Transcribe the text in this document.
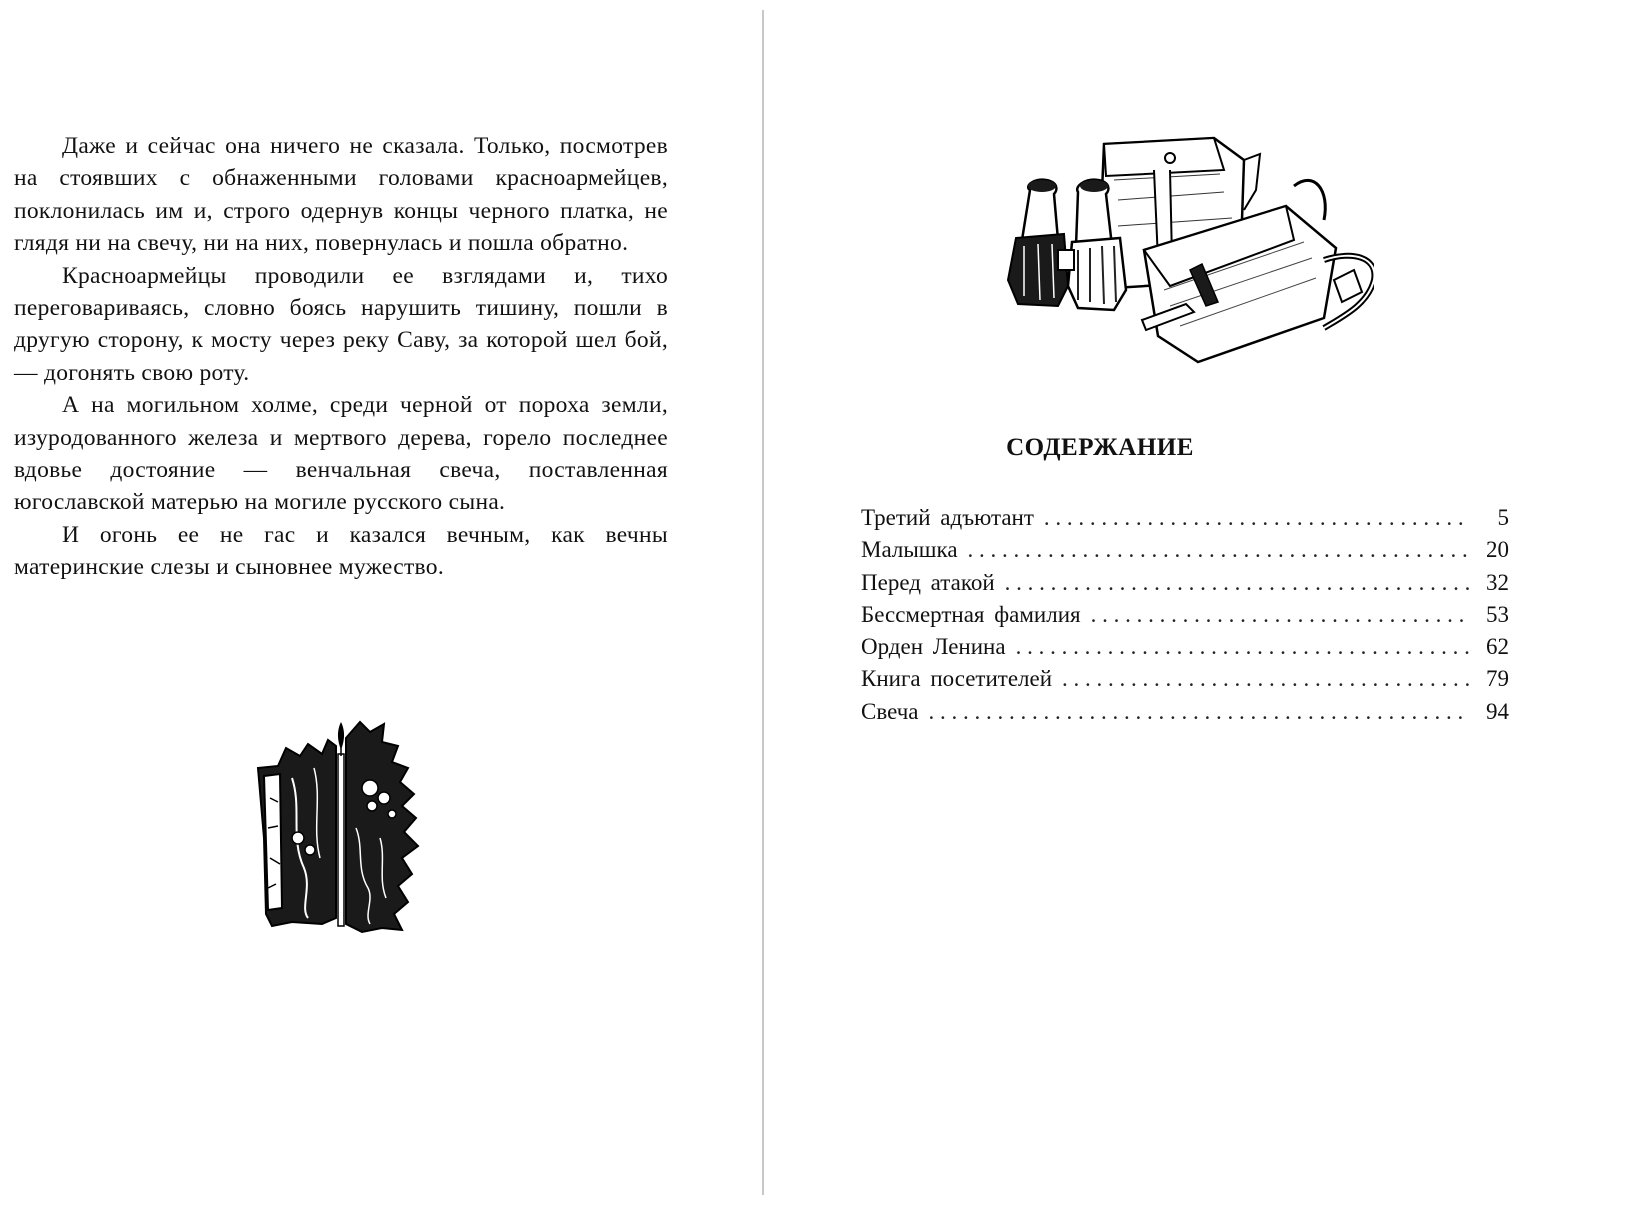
Даже и сейчас она ничего не сказала. Только, посмотрев на стоявших с обнаженными головами красноармейцев, поклонилась им и, строго одернув концы черного платка, не глядя ни на свечу, ни на них, повернулась и пошла обратно.

Красноармейцы проводили ее взглядами и, тихо переговариваясь, словно боясь нарушить тишину, пошли в другую сторону, к мосту через реку Саву, за которой шел бой, — догонять свою роту.

А на могильном холме, среди черной от пороха земли, изуродованного железа и мертвого дерева, горело последнее вдовье достояние — венчальная свеча, поставленная югославской матерью на могиле русского сына.

И огонь ее не гас и казался вечным, как вечны материнские слезы и сыновнее мужество.

СОДЕРЖАНИЕ
Третий адъютант . . .	5
Малышка . . .	20
Перед атакой . . .	32
Бессмертная фамилия . . .	53
Орден Ленина . . .	62
Книга посетителей . . .	79
Свеча . . .	94
